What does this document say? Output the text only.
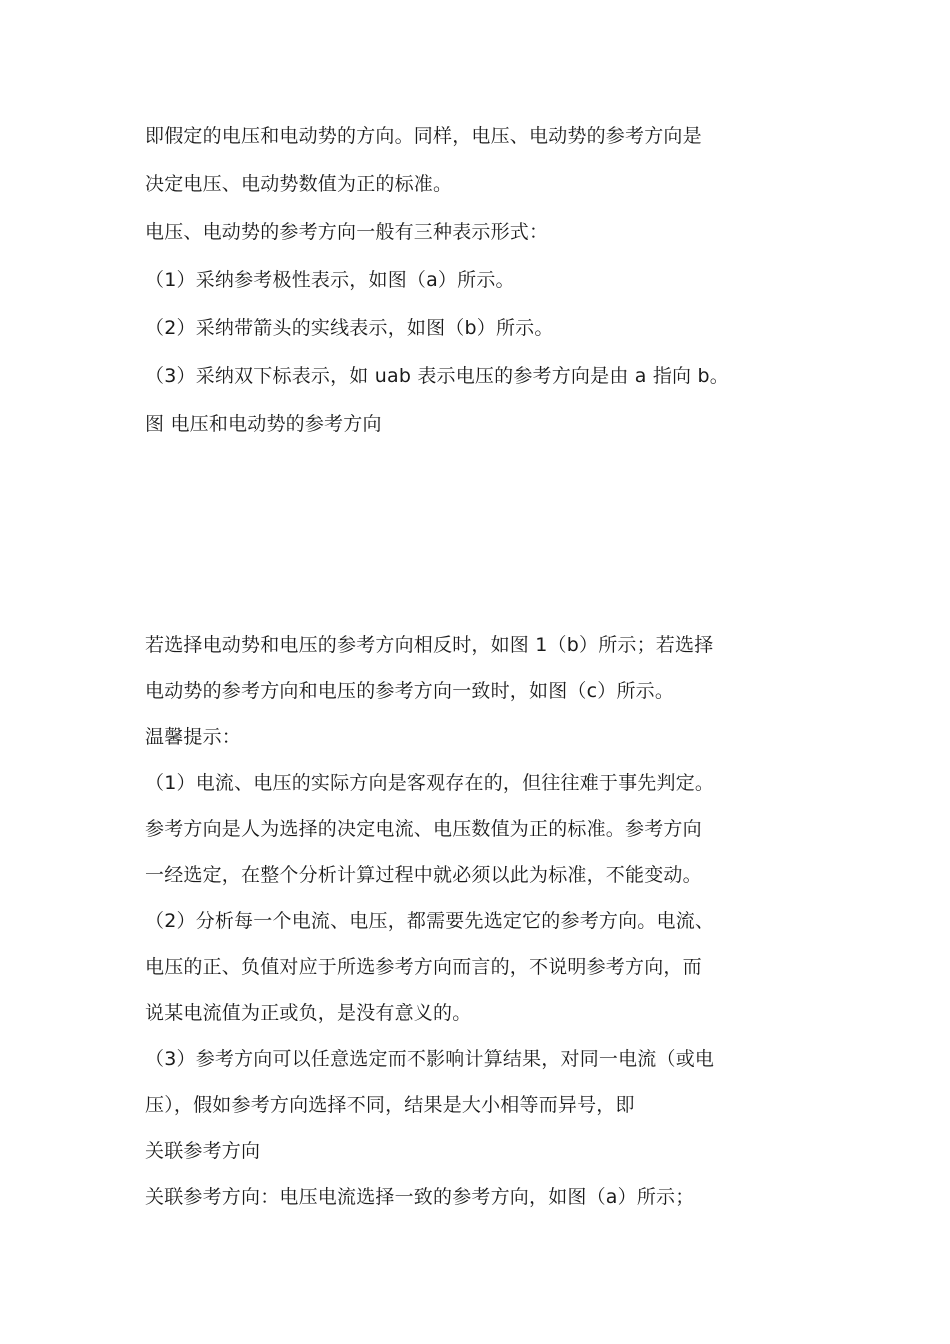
即假定的电压和电动势的方向。同样，电压、电动势的参考方向是

决定电压、电动势数值为正的标准。

电压、电动势的参考方向一般有三种表示形式：

（1）采纳参考极性表示，如图（a）所示。

（2）采纳带箭头的实线表示，如图（b）所示。

（3）采纳双下标表示，如 uab 表示电压的参考方向是由 a 指向 b。

图 电压和电动势的参考方向

若选择电动势和电压的参考方向相反时，如图 1（b）所示；若选择

电动势的参考方向和电压的参考方向一致时，如图（c）所示。

温馨提示：

（1）电流、电压的实际方向是客观存在的，但往往难于事先判定。

参考方向是人为选择的决定电流、电压数值为正的标准。参考方向

一经选定，在整个分析计算过程中就必须以此为标准，不能变动。

（2）分析每一个电流、电压，都需要先选定它的参考方向。电流、

电压的正、负值对应于所选参考方向而言的，不说明参考方向，而

说某电流值为正或负，是没有意义的。

（3）参考方向可以任意选定而不影响计算结果，对同一电流（或电

压），假如参考方向选择不同，结果是大小相等而异号，即

关联参考方向

关联参考方向：电压电流选择一致的参考方向，如图（a）所示；
